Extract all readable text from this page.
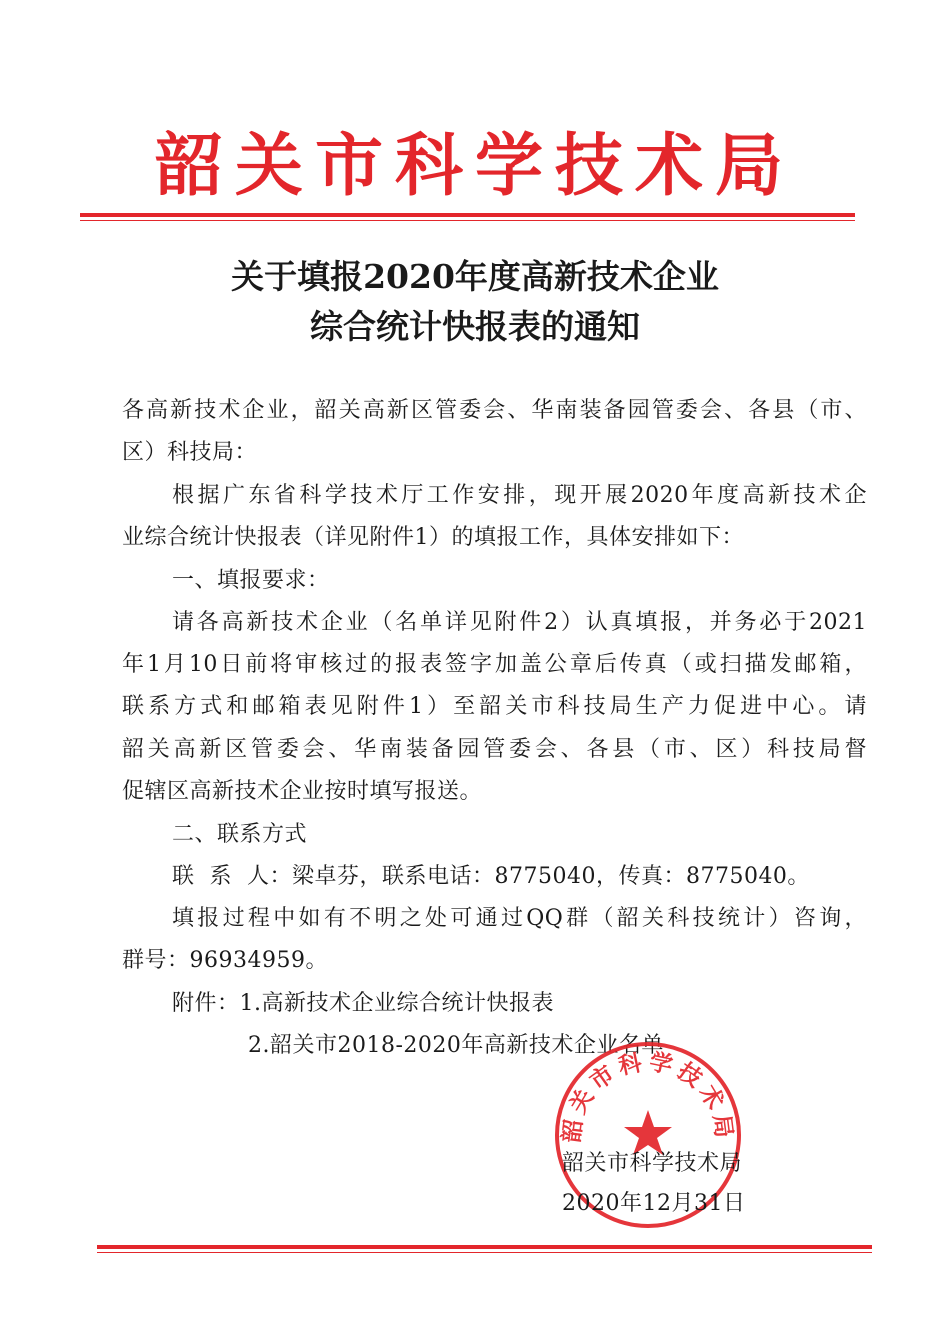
韶关市科学技术局
关于填报2020年度高新技术企业
综合统计快报表的通知
各高新技术企业，韶关高新区管委会、华南装备园管委会、各县（市、
区）科技局：
根据广东省科学技术厅工作安排，现开展2020年度高新技术企
业综合统计快报表（详见附件1）的填报工作，具体安排如下：
一、填报要求：
请各高新技术企业（名单详见附件2）认真填报，并务必于2021
年1月10日前将审核过的报表签字加盖公章后传真（或扫描发邮箱，
联系方式和邮箱表见附件1）至韶关市科技局生产力促进中心。请
韶关高新区管委会、华南装备园管委会、各县（市、区）科技局督
促辖区高新技术企业按时填写报送。
二、联系方式
联  系  人：梁卓芬，联系电话：8775040，传真：8775040。
填报过程中如有不明之处可通过QQ群（韶关科技统计）咨询，
群号：96934959。
附件：1.高新技术企业综合统计快报表
2.韶关市2018-2020年高新技术企业名单
韶关市科学技术局
韶关市科学技术局
2020年12月31日
